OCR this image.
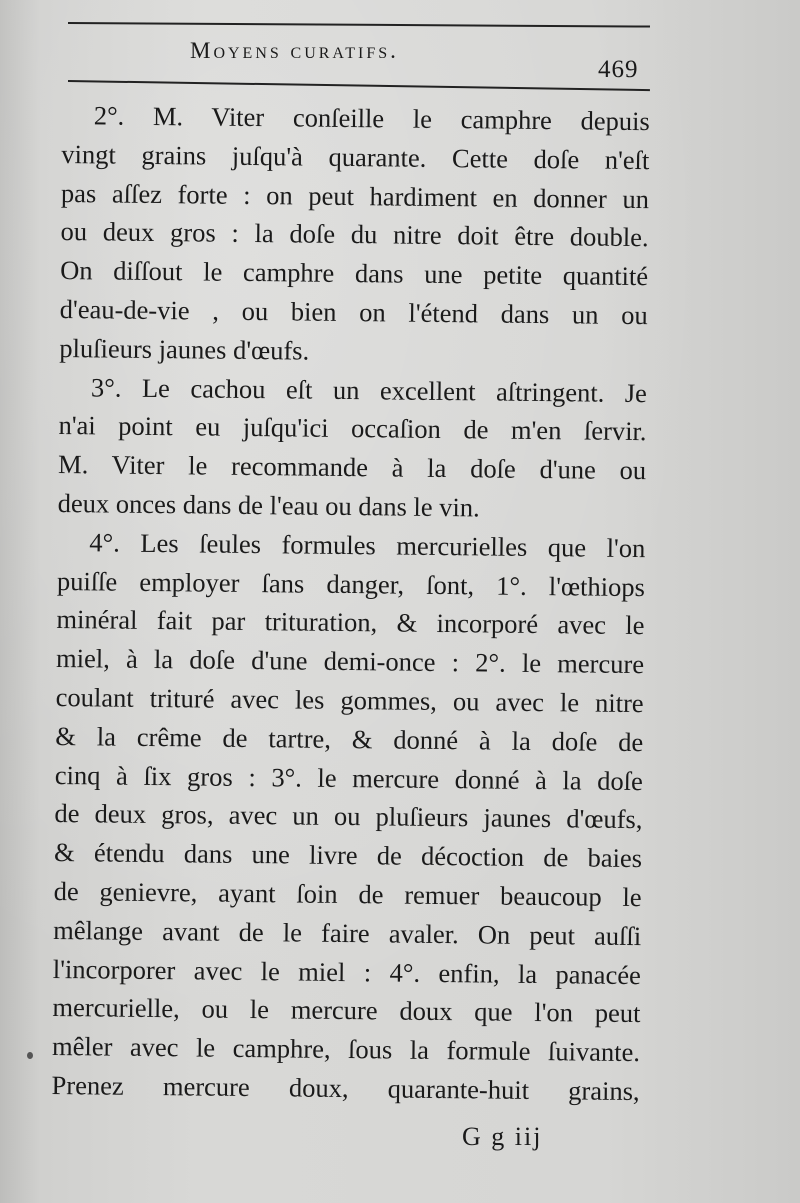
Moyens curatifs.
469
2°. M. Viter conſeille le camphre depuis
vingt grains juſqu'à quarante. Cette doſe n'eſt
pas aſſez forte : on peut hardiment en donner un
ou deux gros : la doſe du nitre doit être double.
On diſſout le camphre dans une petite quantité
d'eau-de-vie , ou bien on l'étend dans un ou
pluſieurs jaunes d'œufs.
3°. Le cachou eſt un excellent aſtringent. Je
n'ai point eu juſqu'ici occaſion de m'en ſervir.
M. Viter le recommande à la doſe d'une ou
deux onces dans de l'eau ou dans le vin.
4°. Les ſeules formules mercurielles que l'on
puiſſe employer ſans danger, ſont, 1°. l'œthiops
minéral fait par trituration, & incorporé avec le
miel, à la doſe d'une demi-once : 2°. le mercure
coulant trituré avec les gommes, ou avec le nitre
& la crême de tartre, & donné à la doſe de
cinq à ſix gros : 3°. le mercure donné à la doſe
de deux gros, avec un ou pluſieurs jaunes d'œufs,
& étendu dans une livre de décoction de baies
de genievre, ayant ſoin de remuer beaucoup le
mêlange avant de le faire avaler. On peut auſſi
l'incorporer avec le miel : 4°. enfin, la panacée
mercurielle, ou le mercure doux que l'on peut
mêler avec le camphre, ſous la formule ſuivante.
Prenez mercure doux, quarante-huit grains,
G g iij
